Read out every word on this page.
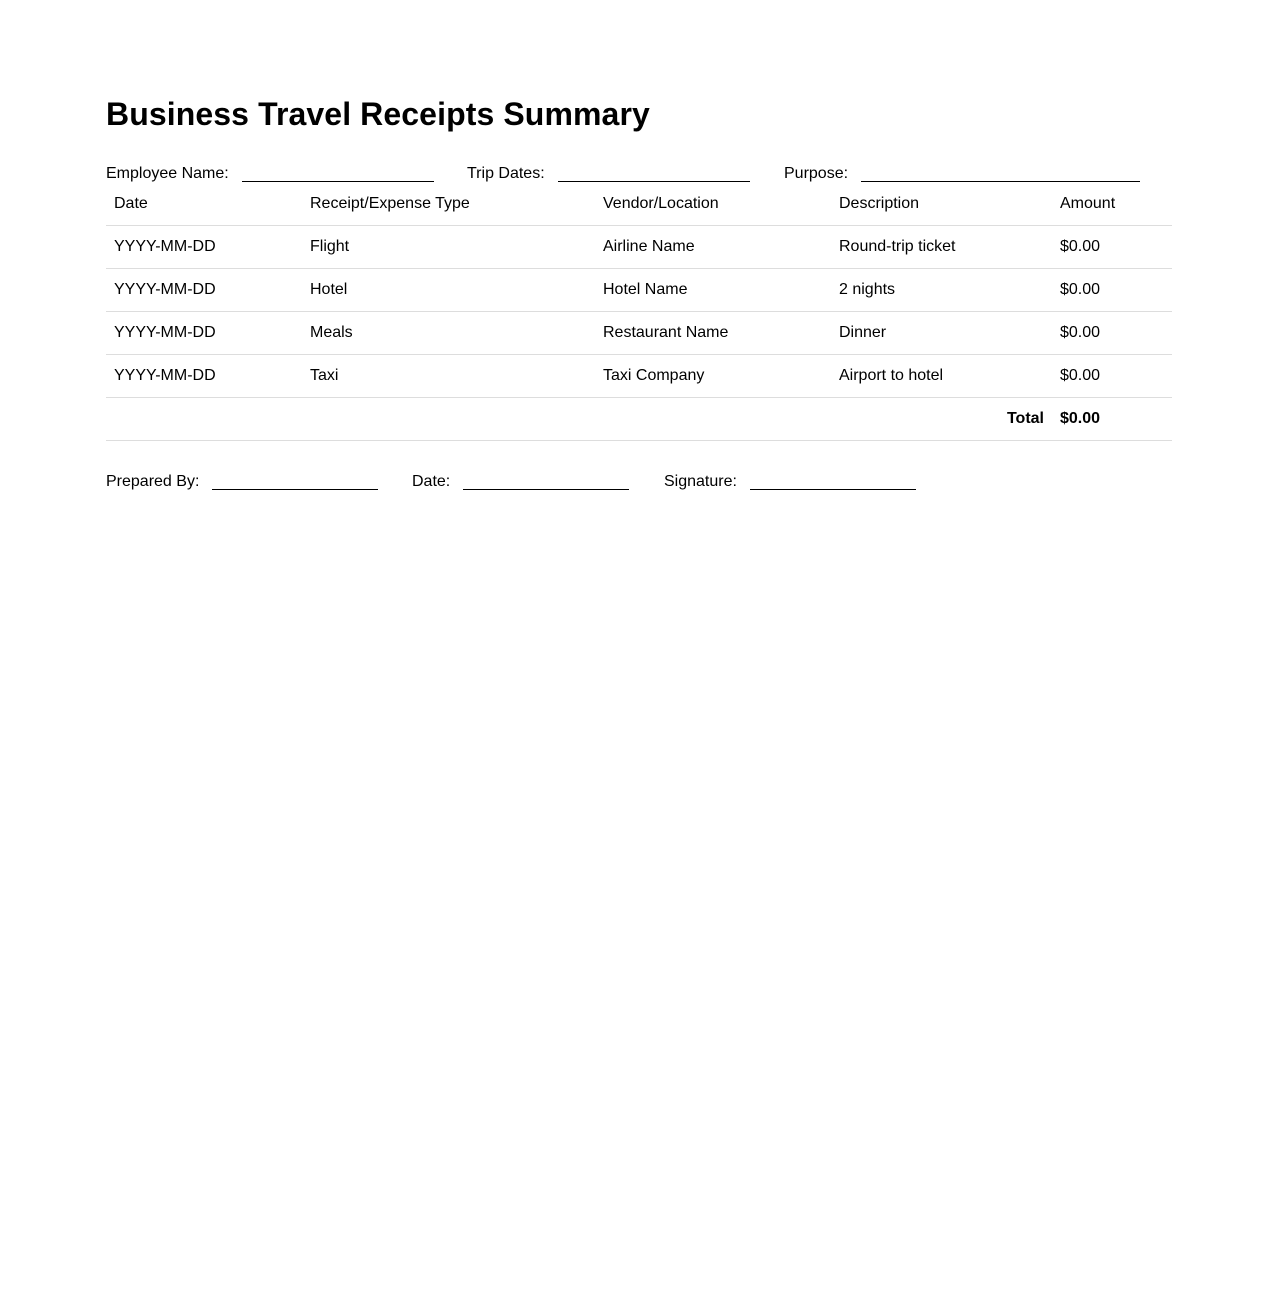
Business Travel Receipts Summary
Employee Name:	Trip Dates:	Purpose:
Date	Receipt/Expense Type	Vendor/Location	Description	Amount
YYYY-MM-DD	Flight	Airline Name	Round-trip ticket	$0.00
YYYY-MM-DD	Hotel	Hotel Name	2 nights	$0.00
YYYY-MM-DD	Meals	Restaurant Name	Dinner	$0.00
YYYY-MM-DD	Taxi	Taxi Company	Airport to hotel	$0.00
Total				$0.00
Prepared By:	Date:	Signature:
